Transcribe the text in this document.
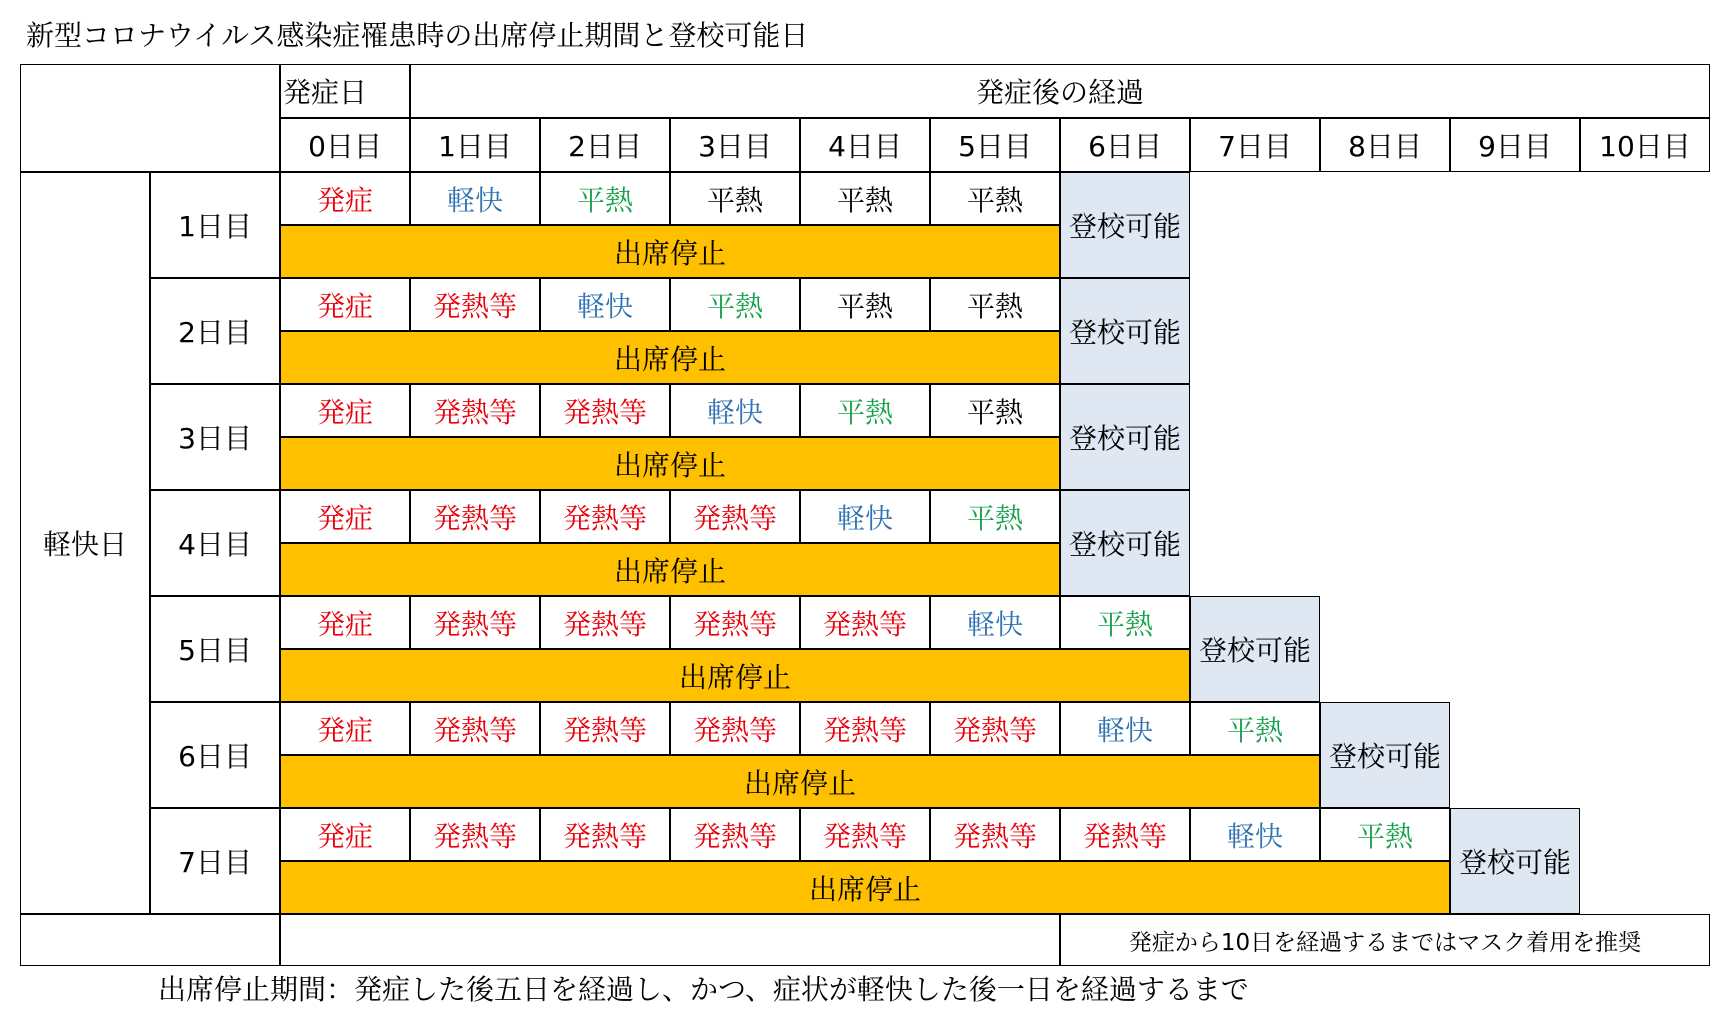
新型コロナウイルス感染症罹患時の出席停止期間と登校可能日
発症日	発症後の経過
0日目	1日目	2日目	3日目	4日目	5日目	6日目	7日目	8日目	9日目	10日目
軽快日
1日目
発症	軽快	平熱	平熱	平熱	平熱
出席停止
登校可能
2日目
発症	発熱等	軽快	平熱	平熱	平熱
出席停止
登校可能
3日目
発症	発熱等	発熱等	軽快	平熱	平熱
出席停止
登校可能
4日目
発症	発熱等	発熱等	発熱等	軽快	平熱
出席停止
登校可能
5日目
発症	発熱等	発熱等	発熱等	発熱等	軽快	平熱
出席停止
登校可能
6日目
発症	発熱等	発熱等	発熱等	発熱等	発熱等	軽快	平熱
出席停止
登校可能
7日目
発症	発熱等	発熱等	発熱等	発熱等	発熱等	発熱等	軽快	平熱
出席停止
登校可能
発症から10日を経過するまではマスク着用を推奨
出席停止期間：発症した後五日を経過し、かつ、症状が軽快した後一日を経過するまで
